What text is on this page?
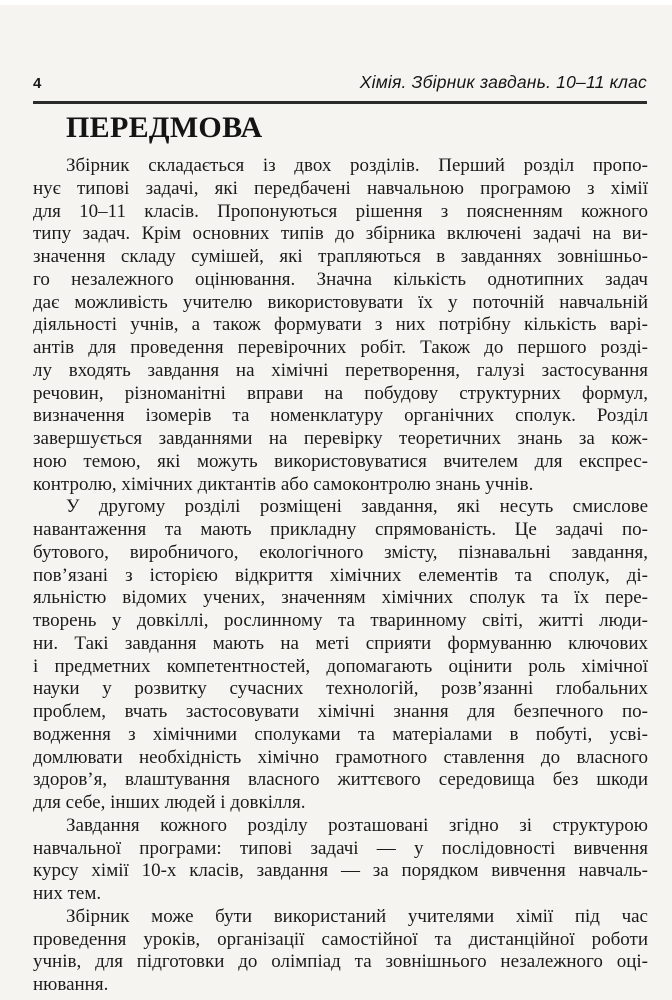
4	Хімія. Збірник завдань. 10–11 клас
ПЕРЕДМОВА
Збірник складається із двох розділів. Перший розділ пропо-
нує типові задачі, які передбачені навчальною програмою з хімії
для 10–11 класів. Пропонуються рішення з поясненням кожного
типу задач. Крім основних типів до збірника включені задачі на ви-
значення складу сумішей, які трапляються в завданнях зовнішньо-
го незалежного оцінювання. Значна кількість однотипних задач
дає можливість учителю використовувати їх у поточній навчальній
діяльності учнів, а також формувати з них потрібну кількість варі-
антів для проведення перевірочних робіт. Також до першого розді-
лу входять завдання на хімічні перетворення, галузі застосування
речовин, різноманітні вправи на побудову структурних формул,
визначення ізомерів та номенклатуру органічних сполук. Розділ
завершується завданнями на перевірку теоретичних знань за кож-
ною темою, які можуть використовуватися вчителем для експрес-
контролю, хімічних диктантів або самоконтролю знань учнів.
У другому розділі розміщені завдання, які несуть смислове
навантаження та мають прикладну спрямованість. Це задачі по-
бутового, виробничого, екологічного змісту, пізнавальні завдання,
пов’язані з історією відкриття хімічних елементів та сполук, ді-
яльністю відомих учених, значенням хімічних сполук та їх пере-
творень у довкіллі, рослинному та тваринному світі, житті люди-
ни. Такі завдання мають на меті сприяти формуванню ключових
і предметних компетентностей, допомагають оцінити роль хімічної
науки у розвитку сучасних технологій, розв’язанні глобальних
проблем, вчать застосовувати хімічні знання для безпечного по-
водження з хімічними сполуками та матеріалами в побуті, усві-
домлювати необхідність хімічно грамотного ставлення до власного
здоров’я, влаштування власного життєвого середовища без шкоди
для себе, інших людей і довкілля.
Завдання кожного розділу розташовані згідно зі структурою
навчальної програми: типові задачі — у послідовності вивчення
курсу хімії 10-х класів, завдання — за порядком вивчення навчаль-
них тем.
Збірник може бути використаний учителями хімії під час
проведення уроків, організації самостійної та дистанційної роботи
учнів, для підготовки до олімпіад та зовнішнього незалежного оці-
нювання.
